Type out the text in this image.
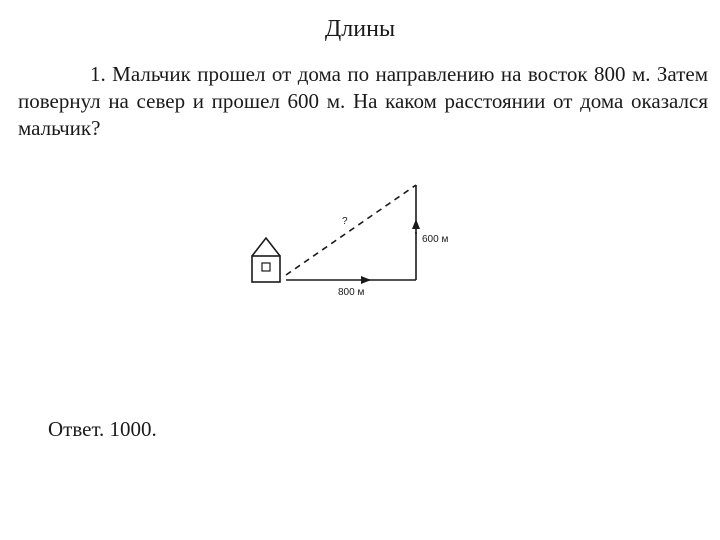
Длины

1. Мальчик прошел от дома по направлению на восток 800 м. Затем повернул на север и прошел 600 м. На каком расстоянии от дома оказался мальчик?

800 м
600 м
?
Ответ. 1000.
